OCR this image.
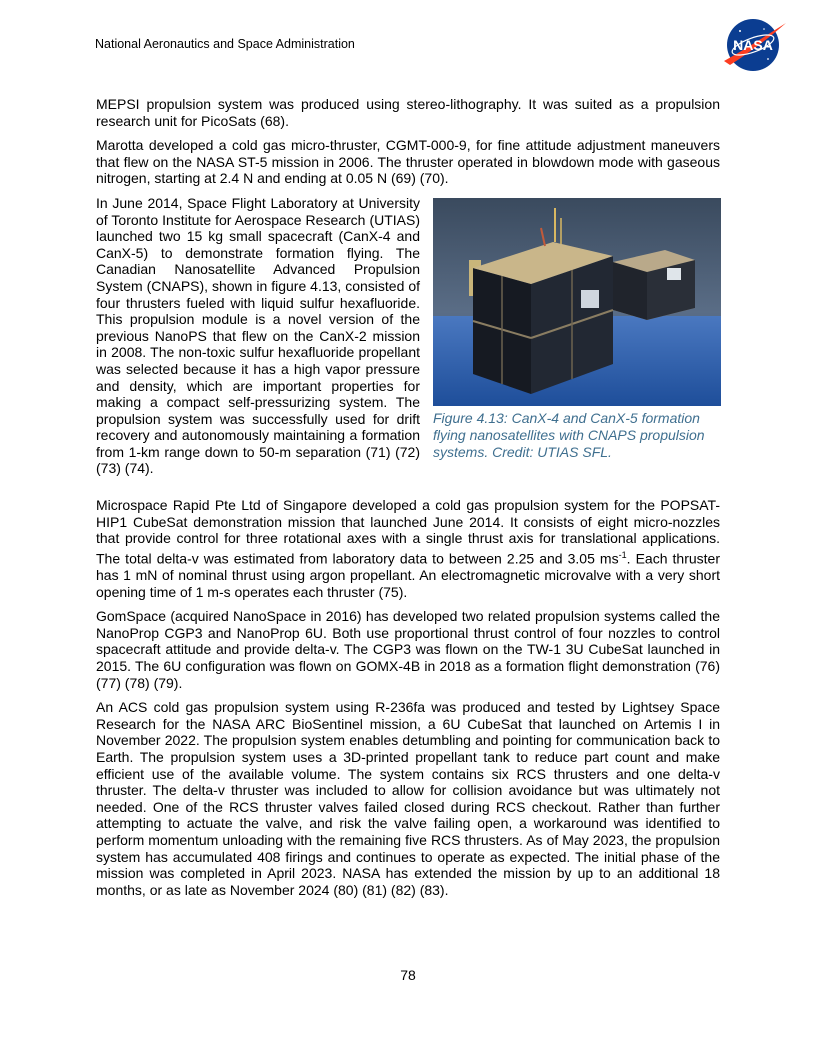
National Aeronautics and Space Administration	NASA

MEPSI propulsion system was produced using stereo-lithography. It was suited as a propulsion research unit for PicoSats (68).

Marotta developed a cold gas micro-thruster, CGMT-000-9, for fine attitude adjustment maneuvers that flew on the NASA ST-5 mission in 2006. The thruster operated in blowdown mode with gaseous nitrogen, starting at 2.4 N and ending at 0.05 N (69) (70).

In June 2014, Space Flight Laboratory at University of Toronto Institute for Aerospace Research (UTIAS) launched two 15 kg small spacecraft (CanX-4 and CanX-5) to demonstrate formation flying. The Canadian Nanosatellite Advanced Propulsion System (CNAPS), shown in figure 4.13, consisted of four thrusters fueled with liquid sulfur hexafluoride. This propulsion module is a novel version of the previous NanoPS that flew on the CanX-2 mission in 2008. The non-toxic sulfur hexafluoride propellant was selected because it has a high vapor pressure and density, which are important properties for making a compact self-pressurizing system. The propulsion system was successfully used for drift recovery and autonomously maintaining a formation from 1-km range down to 50-m separation (71) (72) (73) (74).

Figure 4.13: CanX-4 and CanX-5 formation flying nanosatellites with CNAPS propulsion systems. Credit: UTIAS SFL.

Microspace Rapid Pte Ltd of Singapore developed a cold gas propulsion system for the POPSAT-HIP1 CubeSat demonstration mission that launched June 2014. It consists of eight micro-nozzles that provide control for three rotational axes with a single thrust axis for translational applications. The total delta-v was estimated from laboratory data to between 2.25 and 3.05 $ms^{-1}$. Each thruster has 1 mN of nominal thrust using argon propellant. An electromagnetic microvalve with a very short opening time of 1 m-s operates each thruster (75).

GomSpace (acquired NanoSpace in 2016) has developed two related propulsion systems called the NanoProp CGP3 and NanoProp 6U. Both use proportional thrust control of four nozzles to control spacecraft attitude and provide delta-v. The CGP3 was flown on the TW-1 3U CubeSat launched in 2015. The 6U configuration was flown on GOMX-4B in 2018 as a formation flight demonstration (76) (77) (78) (79).

An ACS cold gas propulsion system using R-236fa was produced and tested by Lightsey Space Research for the NASA ARC BioSentinel mission, a 6U CubeSat that launched on Artemis I in November 2022. The propulsion system enables detumbling and pointing for communication back to Earth. The propulsion system uses a 3D-printed propellant tank to reduce part count and make efficient use of the available volume. The system contains six RCS thrusters and one delta-v thruster. The delta-v thruster was included to allow for collision avoidance but was ultimately not needed. One of the RCS thruster valves failed closed during RCS checkout. Rather than further attempting to actuate the valve, and risk the valve failing open, a workaround was identified to perform momentum unloading with the remaining five RCS thrusters. As of May 2023, the propulsion system has accumulated 408 firings and continues to operate as expected. The initial phase of the mission was completed in April 2023. NASA has extended the mission by up to an additional 18 months, or as late as November 2024 (80) (81) (82) (83).

78
